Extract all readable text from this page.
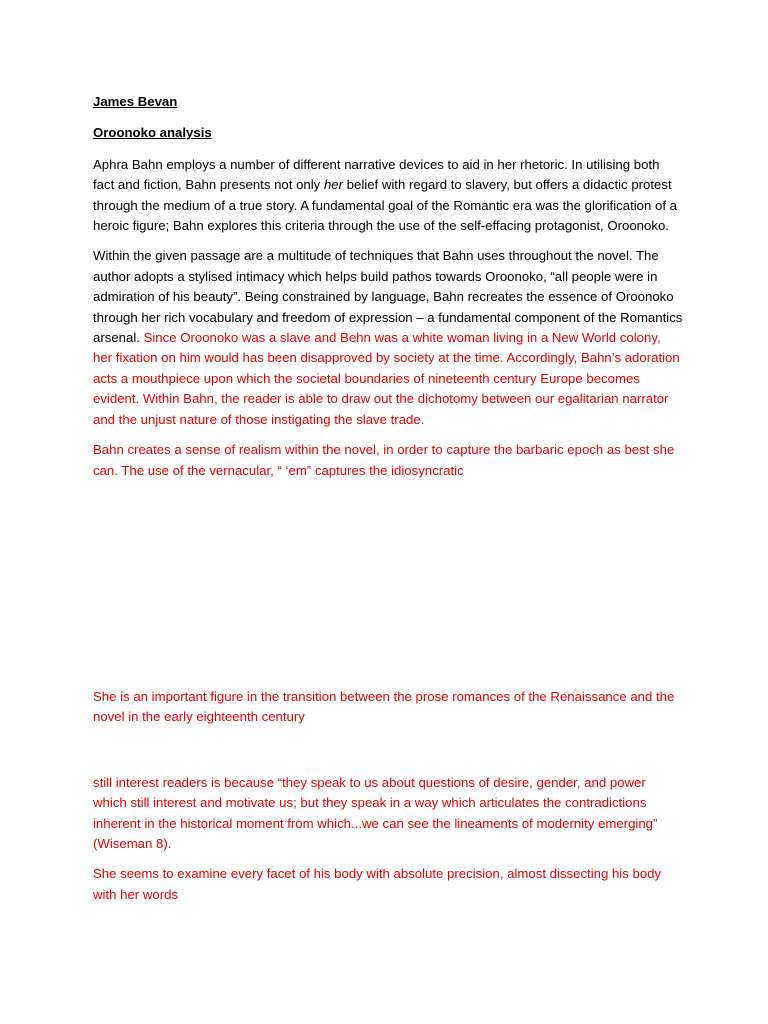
James Bevan

Oroonoko analysis

Aphra Bahn employs a number of different narrative devices to aid in her rhetoric. In utilising both fact and fiction, Bahn presents not only her belief with regard to slavery, but offers a didactic protest through the medium of a true story. A fundamental goal of the Romantic era was the glorification of a heroic figure; Bahn explores this criteria through the use of the self-effacing protagonist, Oroonoko.

Within the given passage are a multitude of techniques that Bahn uses throughout the novel. The author adopts a stylised intimacy which helps build pathos towards Oroonoko, “all people were in admiration of his beauty”. Being constrained by language, Bahn recreates the essence of Oroonoko through her rich vocabulary and freedom of expression – a fundamental component of the Romantics arsenal. Since Oroonoko was a slave and Behn was a white woman living in a New World colony, her fixation on him would has been disapproved by society at the time. Accordingly, Bahn’s adoration acts a mouthpiece upon which the societal boundaries of nineteenth century Europe becomes evident. Within Bahn, the reader is able to draw out the dichotomy between our egalitarian narrator and the unjust nature of those instigating the slave trade.

Bahn creates a sense of realism within the novel, in order to capture the barbaric epoch as best she can. The use of the vernacular, “ ‘em” captures the idiosyncratic

She is an important figure in the transition between the prose romances of the Renaissance and the novel in the early eighteenth century

still interest readers is because “they speak to us about questions of desire, gender, and power which still interest and motivate us; but they speak in a way which articulates the contradictions inherent in the historical moment from which...we can see the lineaments of modernity emerging” (Wiseman 8).

She seems to examine every facet of his body with absolute precision, almost dissecting his body with her words
